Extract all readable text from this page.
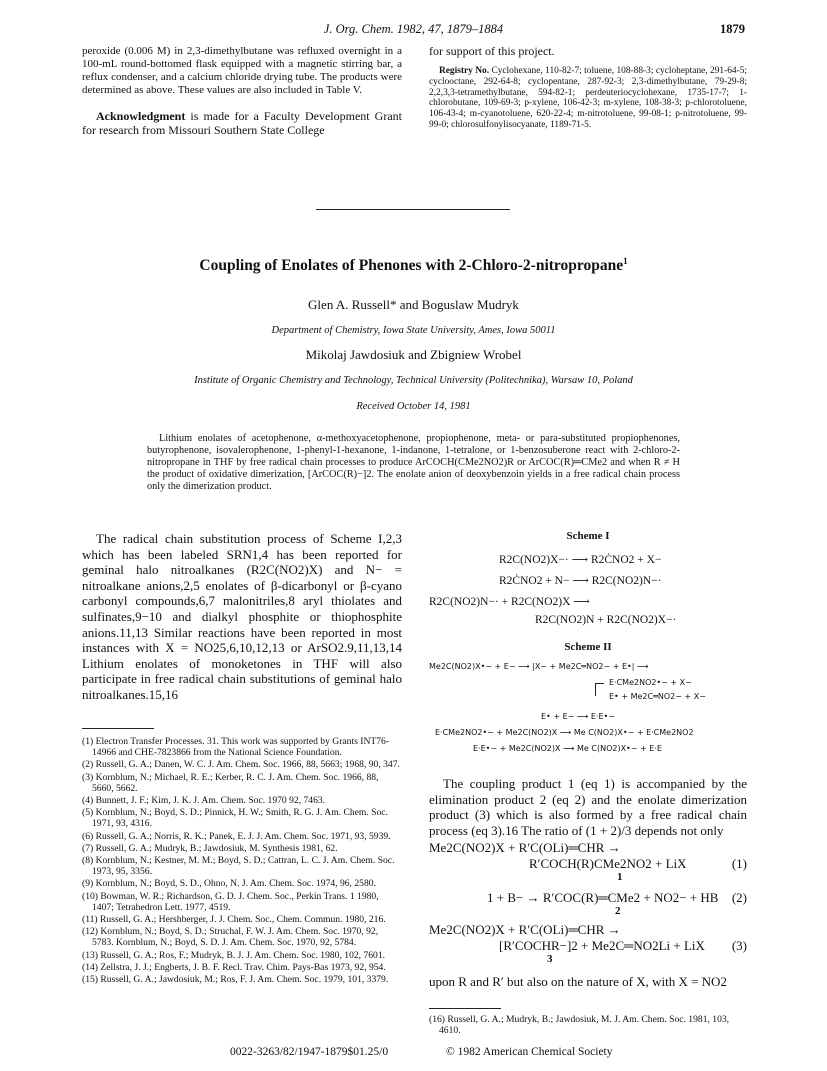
J. Org. Chem. 1982, 47, 1879–1884	1879

peroxide (0.006 M) in 2,3-dimethylbutane was refluxed overnight in a 100-mL round-bottomed flask equipped with a magnetic stirring bar, a reflux condenser, and a calcium chloride drying tube. The products were determined as above. These values are also included in Table V.

Acknowledgment is made for a Faculty Development Grant for research from Missouri Southern State College

for support of this project.

Registry No. Cyclohexane, 110-82-7; toluene, 108-88-3; cycloheptane, 291-64-5; cyclooctane, 292-64-8; cyclopentane, 287-92-3; 2,3-dimethylbutane, 79-29-8; 2,2,3,3-tetramethylbutane, 594-82-1; perdeuteriocyclohexane, 1735-17-7; 1-chlorobutane, 109-69-3; p-xylene, 106-42-3; m-xylene, 108-38-3; p-chlorotoluene, 106-43-4; m-cyanotoluene, 620-22-4; m-nitrotoluene, 99-08-1; p-nitrotoluene, 99-99-0; chlorosulfonylisocyanate, 1189-71-5.

Coupling of Enolates of Phenones with 2-Chloro-2-nitropropane$^1$
Glen A. Russell* and Boguslaw Mudryk
Department of Chemistry, Iowa State University, Ames, Iowa 50011
Mikolaj Jawdosiuk and Zbigniew Wrobel
Institute of Organic Chemistry and Technology, Technical University (Politechnika), Warsaw 10, Poland
Received October 14, 1981

Lithium enolates of acetophenone, α-methoxyacetophenone, propiophenone, meta- or para-substituted propiophenones, butyrophenone, isovalerophenone, 1-phenyl-1-hexanone, 1-indanone, 1-tetralone, or 1-benzosuberone react with 2-chloro-2-nitropropane in THF by free radical chain processes to produce ArCOCH(CMe2NO2)R or ArCOC(R)═CMe2 and when R ≠ H the product of oxidative dimerization, [ArCOC(R)−]2. The enolate anion of deoxybenzoin yields in a free radical chain process only the dimerization product.

The radical chain substitution process of Scheme I,2,3 which has been labeled SRN1,4 has been reported for geminal halo nitroalkanes (R2C(NO2)X) and N− = nitroalkane anions,2,5 enolates of β-dicarbonyl or β-cyano carbonyl compounds,6,7 malonitriles,8 aryl thiolates and sulfinates,9−10 and dialkyl phosphite or thiophosphite anions.11,13 Similar reactions have been reported in most instances with X = NO25,6,10,12,13 or ArSO2.9,11,13,14 Lithium enolates of monoketones in THF will also participate in free radical chain substitutions of geminal halo nitroalkanes.15,16

(1) Electron Transfer Processes. 31. This work was supported by Grants INT76-14966 and CHE-7823866 from the National Science Foundation.

(2) Russell, G. A.; Danen, W. C. J. Am. Chem. Soc. 1966, 88, 5663; 1968, 90, 347.

(3) Kornblum, N.; Michael, R. E.; Kerber, R. C. J. Am. Chem. Soc. 1966, 88, 5660, 5662.

(4) Bunnett, J. F.; Kim, J. K. J. Am. Chem. Soc. 1970 92, 7463.

(5) Kornblum, N.; Boyd, S. D.; Pinnick, H. W.; Smith, R. G. J. Am. Chem. Soc. 1971, 93, 4316.

(6) Russell, G. A.; Norris, R. K.; Panek, E. J. J. Am. Chem. Soc. 1971, 93, 5939.

(7) Russell, G. A.; Mudryk, B.; Jawdosiuk, M. Synthesis 1981, 62.

(8) Kornblum, N.; Kestner, M. M.; Boyd, S. D.; Cattran, L. C. J. Am. Chem. Soc. 1973, 95, 3356.

(9) Kornblum, N.; Boyd, S. D., Ohno, N. J. Am. Chem. Soc. 1974, 96, 2580.

(10) Bowman, W. R.; Richardson, G. D. J. Chem. Soc., Perkin Trans. 1 1980, 1407; Tetrahedron Lett. 1977, 4519.

(11) Russell, G. A.; Hershberger, J. J. Chem. Soc., Chem. Commun. 1980, 216.

(12) Kornblum, N.; Boyd, S. D.; Struchal, F. W. J. Am. Chem. Soc. 1970, 92, 5783. Kornblum, N.; Boyd, S. D. J. Am. Chem. Soc. 1970, 92, 5784.

(13) Russell, G. A.; Ros, F.; Mudryk, B. J. J. Am. Chem. Soc. 1980, 102, 7601.

(14) Zellstra, J. J.; Engberts, J. B. F. Recl. Trav. Chim. Pays-Bas 1973, 92, 954.

(15) Russell, G. A.; Jawdosiuk, M.; Ros, F. J. Am. Chem. Soc. 1979, 101, 3379.

Scheme I
R2C(NO2)X−· ⟶ R2ĊNO2 + X−
R2ĊNO2 + N− ⟶ R2C(NO2)N−·
R2C(NO2)N−· + R2C(NO2)X ⟶
R2C(NO2)N + R2C(NO2)X−·
Scheme II
Me2C(NO2)X•− + E− ⟶ |X− + Me2C═NO2− + E•| ⟶
E·CMe2NO2•− + X−
E• + Me2C═NO2− + X−
E• + E− ⟶ E·E•−
E·CMe2NO2•− + Me2C(NO2)X ⟶ Me C(NO2)X•− + E·CMe2NO2
E·E•− + Me2C(NO2)X ⟶ Me C(NO2)X•− + E·E

The coupling product 1 (eq 1) is accompanied by the elimination product 2 (eq 2) and the enolate dimerization product (3) which is also formed by a free radical chain process (eq 3).16 The ratio of (1 + 2)/3 depends not only

Me2C(NO2)X + R′C(OLi)═CHR →
R′COCH(R)CMe2NO2 + LiX	(1)
1
1 + B− → R′COC(R)═CMe2 + NO2− + HB (2)
2
Me2C(NO2)X + R′C(OLi)═CHR →
[R′COCHR−]2 + Me2C═NO2Li + LiX (3)
3
upon R and R′ but also on the nature of X, with X = NO2
(16) Russell, G. A.; Mudryk, B.; Jawdosiuk, M. J. Am. Chem. Soc. 1981, 103, 4610.
0022-3263/82/1947-1879$01.25/0	© 1982 American Chemical Society
